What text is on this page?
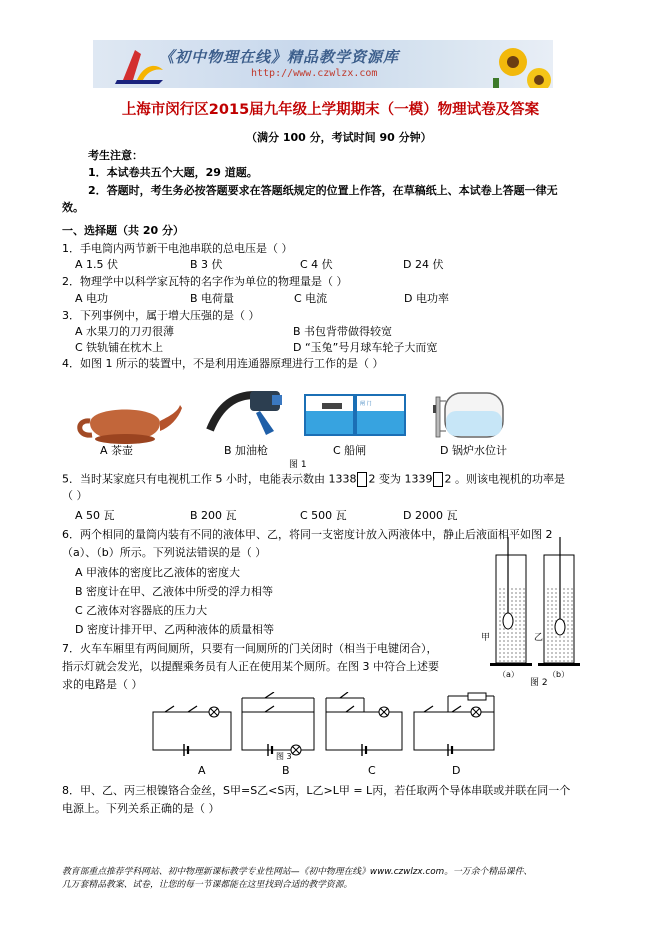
《初中物理在线》精品教学资源库
http://www.czwlzx.com
上海市闵行区2015届九年级上学期期末（一模）物理试卷及答案
（满分 100 分，考试时间 90 分钟）
考生注意：
1．本试卷共五个大题，29 道题。
2．答题时，考生务必按答题要求在答题纸规定的位置上作答，在草稿纸上、本试卷上答题一律无
效。
一、选择题（共 20 分）
1．手电筒内两节新干电池串联的总电压是（ ）
A 1.5 伏	B 3 伏	C 4 伏	D 24 伏
2．物理学中以科学家瓦特的名字作为单位的物理量是（ ）
A 电功	B 电荷量	C 电流	D 电功率
3．下列事例中，属于增大压强的是（ ）
A 水果刀的刀刃很薄	B 书包背带做得较宽
C 铁轨铺在枕木上	D “玉兔”号月球车轮子大而宽
4．如图 1 所示的装置中，不是利用连通器原理进行工作的是（ ）
闸 门
A 茶壶	B 加油枪	C 船闸	D 锅炉水位计
图 1
5．当时某家庭只有电视机工作 5 小时，电能表示数由 1338 2 变为 1339 2 。则该电视机的功率是
（ ）
A 50 瓦	B 200 瓦	C 500 瓦	D 2000 瓦
6．两个相同的量筒内装有不同的液体甲、乙，将同一支密度计放入两液体中，静止后液面相平如图 2
（a）、（b）所示。下列说法错误的是（ ）
A 甲液体的密度比乙液体的密度大
B 密度计在甲、乙液体中所受的浮力相等
C 乙液体对容器底的压力大
D 密度计排开甲、乙两种液体的质量相等
甲	乙
（a）	（b）
图 2
7．火车车厢里有两间厕所，只要有一间厕所的门关闭时（相当于电键闭合），
指示灯就会发光，以提醒乘务员有人正在使用某个厕所。在图 3 中符合上述要
求的电路是（ ）
图 3
A	B	C	D
8．甲、乙、丙三根镍铬合金丝，S甲=S乙<S丙，L乙>L甲 = L丙，若任取两个导体串联或并联在同一个
电源上。下列关系正确的是（ ）
教育部重点推荐学科网站、初中物理新课标教学专业性网站—《初中物理在线》www.czwlzx.com。一万余个精品课件、
几万套精品教案、试卷，让您的每一节课都能在这里找到合适的教学资源。
